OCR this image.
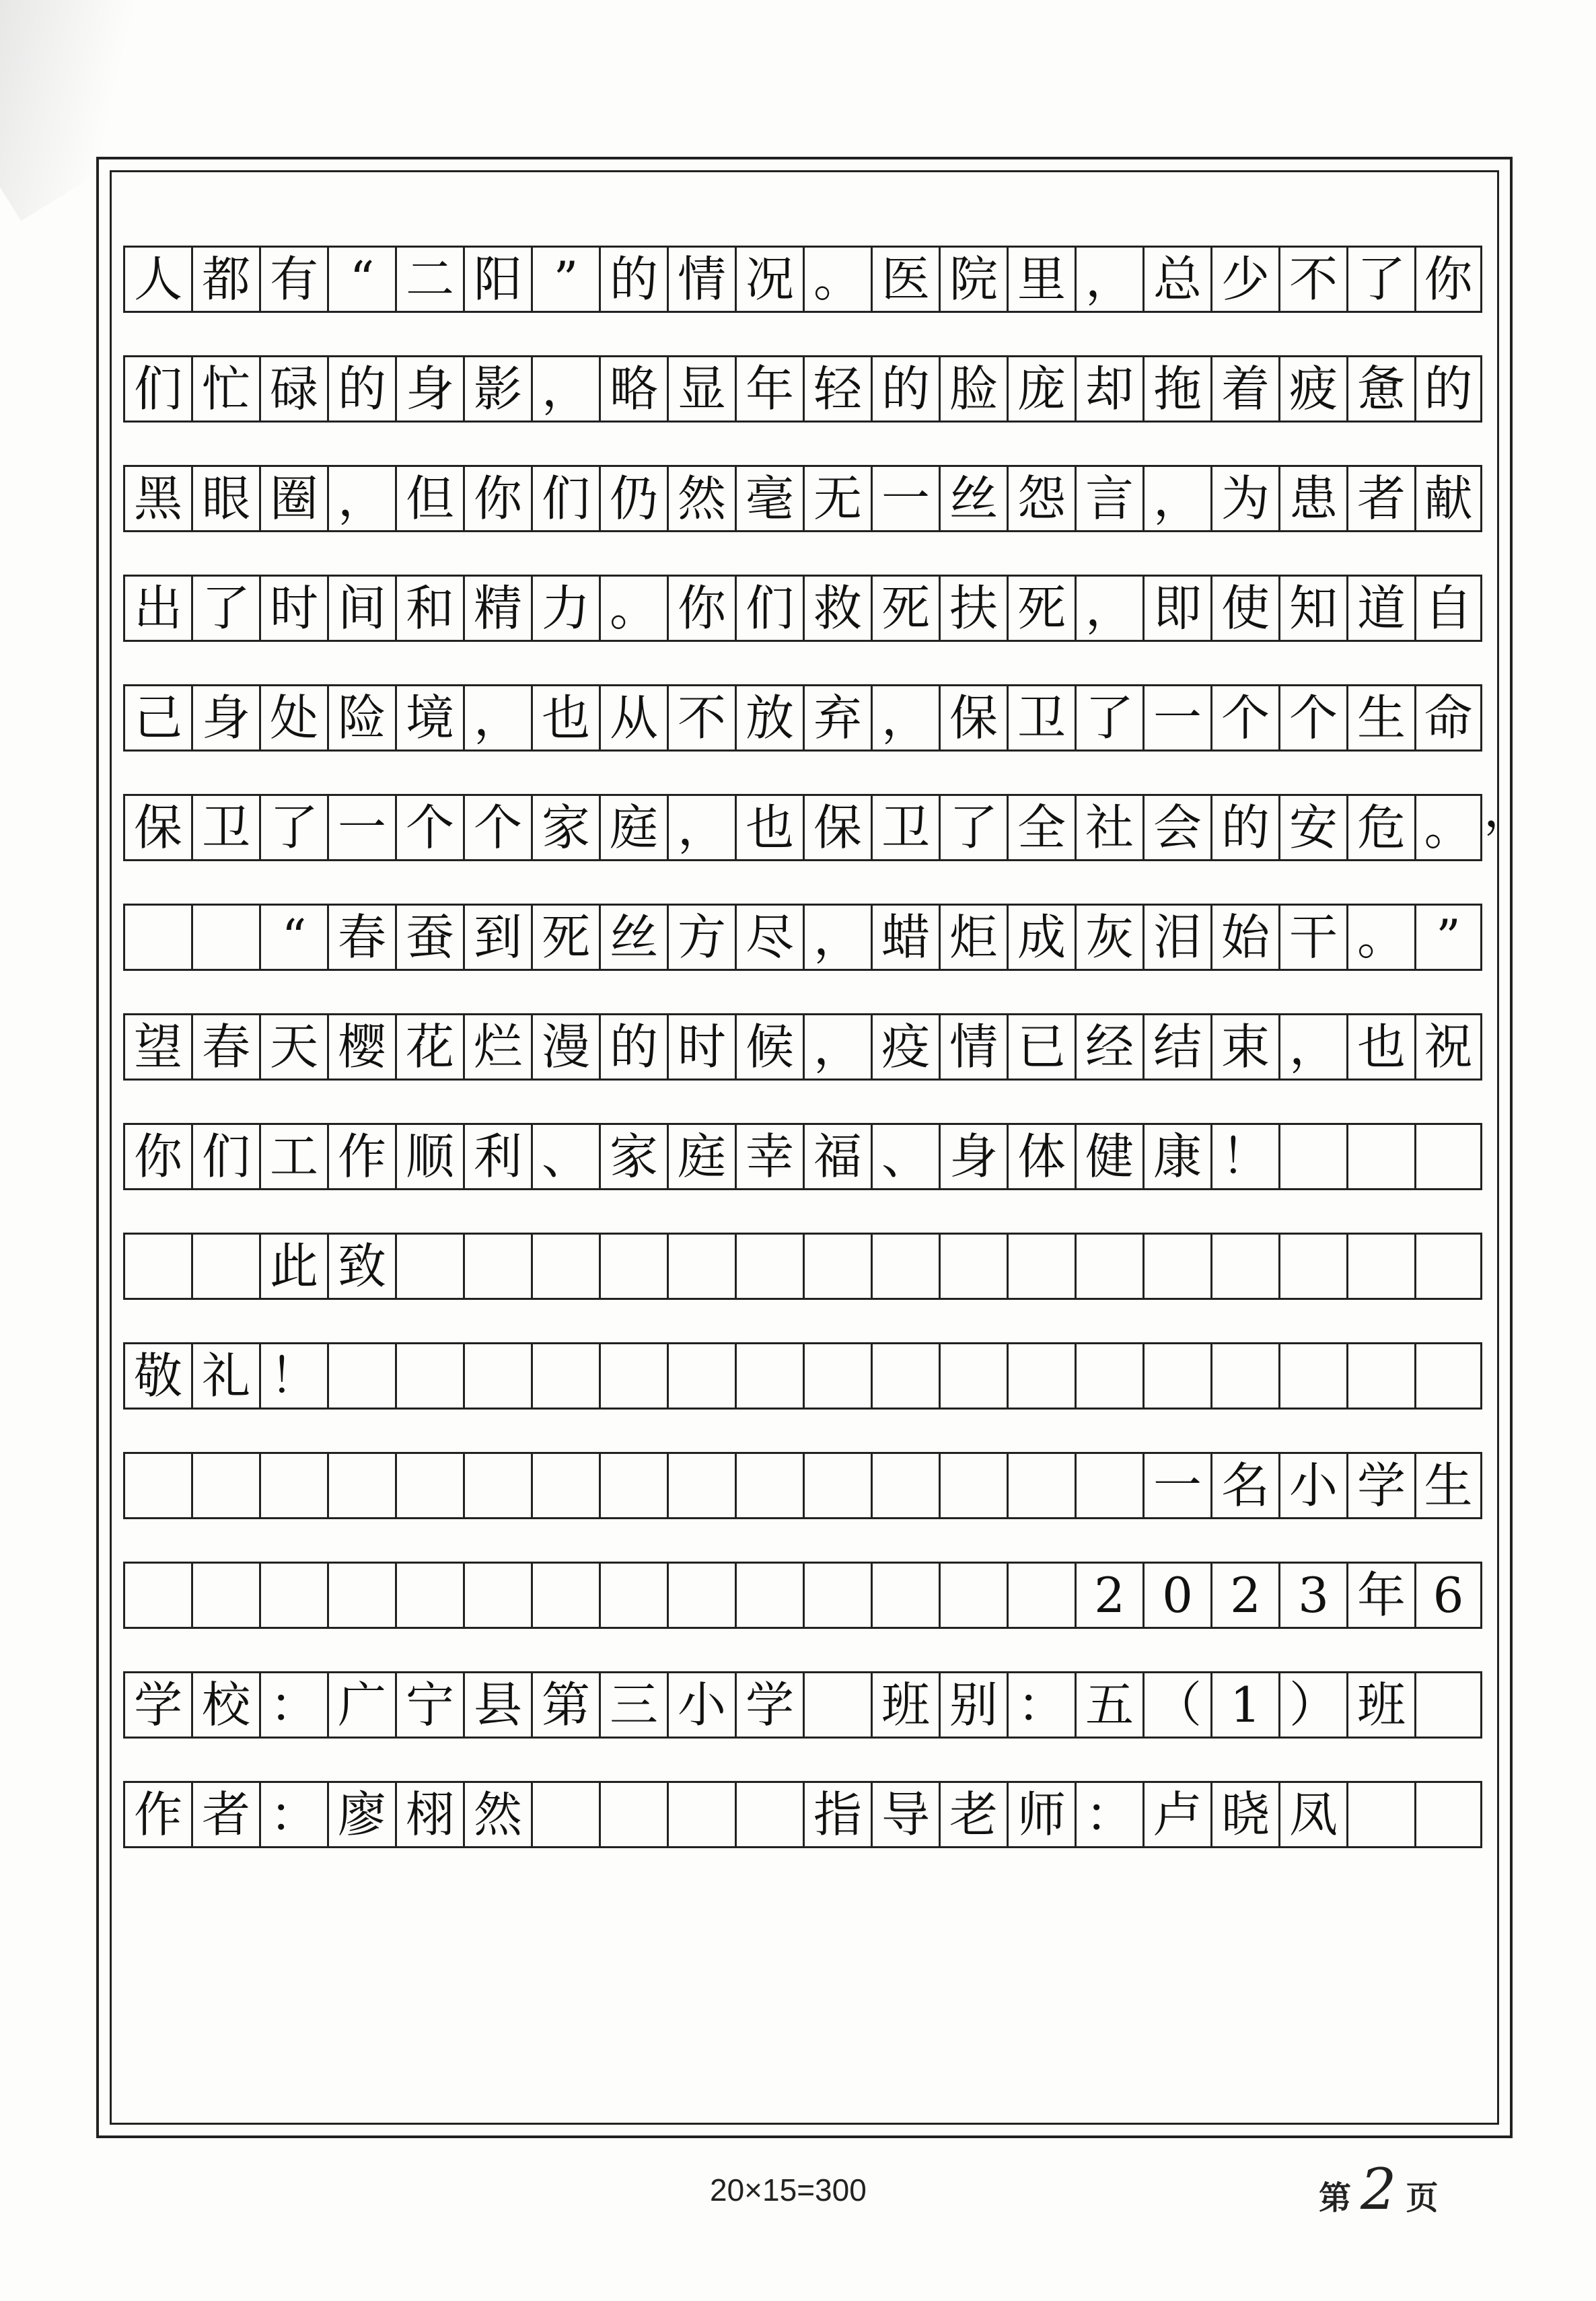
人 都 有 “ 二 阳 ” 的 情 况 。 医 院 里 ， 总 少 不 了 你
们 忙 碌 的 身 影 ， 略 显 年 轻 的 脸 庞 却 拖 着 疲 惫 的
黑 眼 圈 ， 但 你 们 仍 然 毫 无 一 丝 怨 言 ， 为 患 者 献
出 了 时 间 和 精 力 。 你 们 救 死 扶 死 ， 即 使 知 道 自
己 身 处 险 境 ， 也 从 不 放 弃 ， 保 卫 了 一 个 个 生 命
保 卫 了 一 个 个 家 庭 ， 也 保 卫 了 全 社 会 的 安 危 。
“ 春 蚕 到 死 丝 方 尽 ， 蜡 炬 成 灰 泪 始 干 。 ”
望 春 天 樱 花 烂 漫 的 时 候 ， 疫 情 已 经 结 束 ， 也 祝
你 们 工 作 顺 利 、 家 庭 幸 福 、 身 体 健 康 ！
此 致
敬 礼 ！
一 名 小 学 生
2 0 2 3 年 6
学 校 ： 广 宁 县 第 三 小 学 班 别 ： 五 （ 1 ） 班
作 者 ： 廖 栩 然	指 导 老 师 ： 卢 晓 凤
，
20×15=300	第 2 页
